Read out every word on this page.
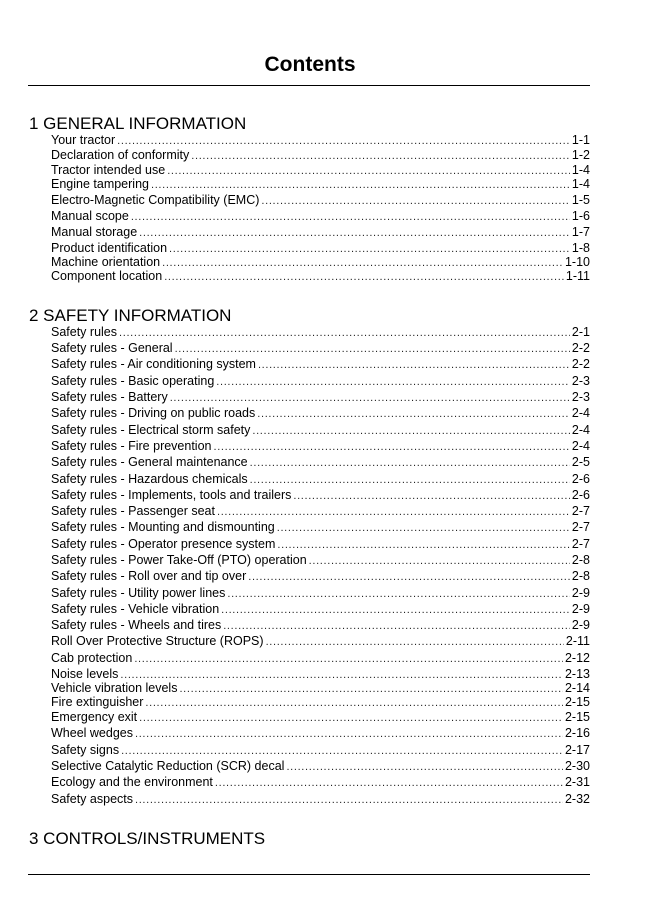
Contents
1 GENERAL INFORMATION
Your tractor . . .	1-1
Declaration of conformity . . .	1-2
Tractor intended use . . .	1-4
Engine tampering . . .	1-4
Electro-Magnetic Compatibility (EMC) . . .	1-5
Manual scope . . .	1-6
Manual storage . . .	1-7
Product identification . . .	1-8
Machine orientation . . .	1-10
Component location . . .	1-11
2 SAFETY INFORMATION
Safety rules . . .	2-1
Safety rules - General . . .	2-2
Safety rules - Air conditioning system . . .	2-2
Safety rules - Basic operating . . .	2-3
Safety rules - Battery . . .	2-3
Safety rules - Driving on public roads . . .	2-4
Safety rules - Electrical storm safety . . .	2-4
Safety rules - Fire prevention . . .	2-4
Safety rules - General maintenance . . .	2-5
Safety rules - Hazardous chemicals . . .	2-6
Safety rules - Implements, tools and trailers . . .	2-6
Safety rules - Passenger seat . . .	2-7
Safety rules - Mounting and dismounting . . .	2-7
Safety rules - Operator presence system . . .	2-7
Safety rules - Power Take-Off (PTO) operation . . .	2-8
Safety rules - Roll over and tip over . . .	2-8
Safety rules - Utility power lines . . .	2-9
Safety rules - Vehicle vibration . . .	2-9
Safety rules - Wheels and tires . . .	2-9
Roll Over Protective Structure (ROPS) . . .	2-11
Cab protection . . .	2-12
Noise levels . . .	2-13
Vehicle vibration levels . . .	2-14
Fire extinguisher . . .	2-15
Emergency exit . . .	2-15
Wheel wedges . . .	2-16
Safety signs . . .	2-17
Selective Catalytic Reduction (SCR) decal . . .	2-30
Ecology and the environment . . .	2-31
Safety aspects . . .	2-32
3 CONTROLS/INSTRUMENTS
